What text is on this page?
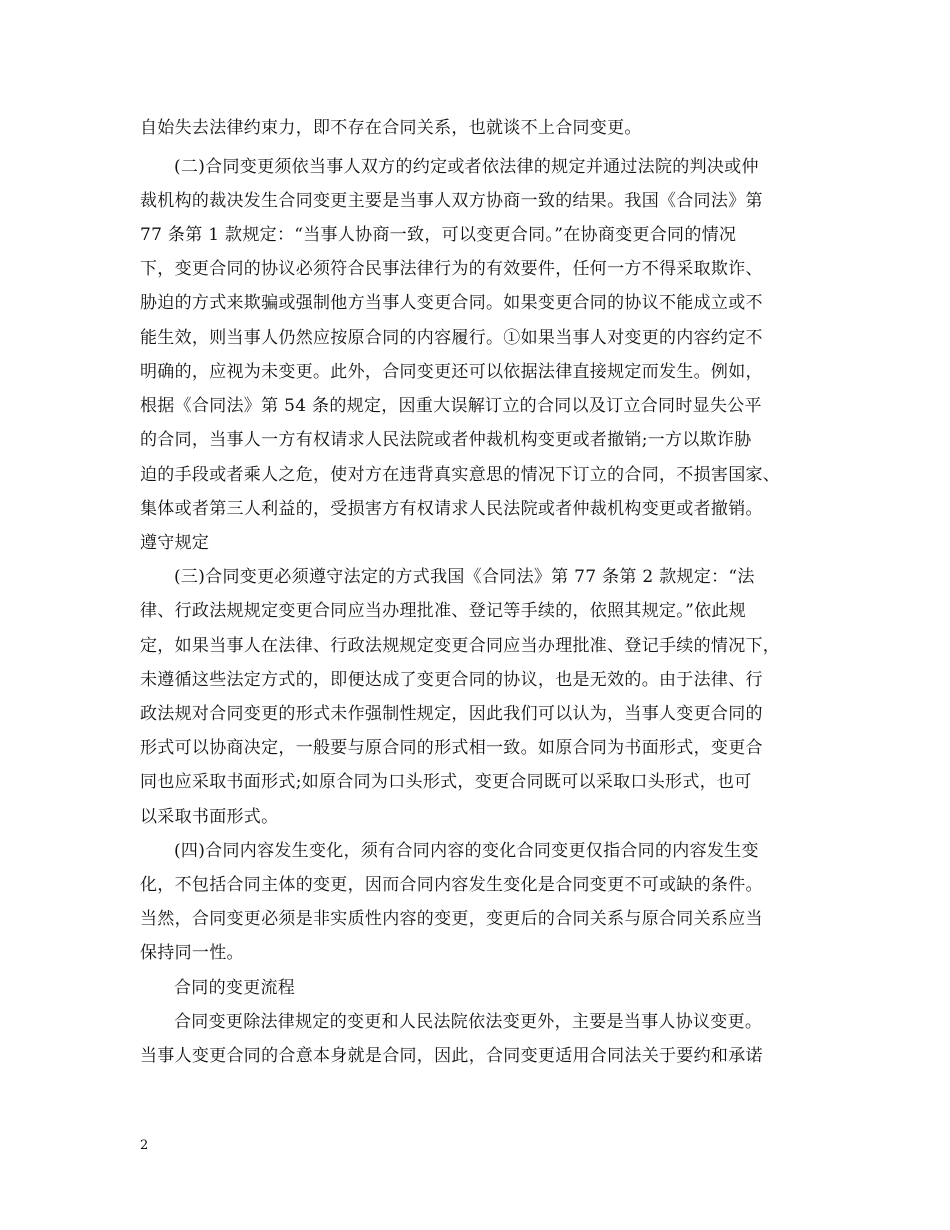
自始失去法律约束力，即不存在合同关系，也就谈不上合同变更。
(二)合同变更须依当事人双方的约定或者依法律的规定并通过法院的判决或仲
裁机构的裁决发生合同变更主要是当事人双方协商一致的结果。我国《合同法》第
77 条第 1 款规定：“当事人协商一致，可以变更合同。”在协商变更合同的情况
下，变更合同的协议必须符合民事法律行为的有效要件，任何一方不得采取欺诈、
胁迫的方式来欺骗或强制他方当事人变更合同。如果变更合同的协议不能成立或不
能生效，则当事人仍然应按原合同的内容履行。①如果当事人对变更的内容约定不
明确的，应视为未变更。此外，合同变更还可以依据法律直接规定而发生。例如，
根据《合同法》第 54 条的规定，因重大误解订立的合同以及订立合同时显失公平
的合同，当事人一方有权请求人民法院或者仲裁机构变更或者撤销;一方以欺诈胁
迫的手段或者乘人之危，使对方在违背真实意思的情况下订立的合同，不损害国家、
集体或者第三人利益的，受损害方有权请求人民法院或者仲裁机构变更或者撤销。
遵守规定
(三)合同变更必须遵守法定的方式我国《合同法》第 77 条第 2 款规定：“法
律、行政法规规定变更合同应当办理批准、登记等手续的，依照其规定。”依此规
定，如果当事人在法律、行政法规规定变更合同应当办理批准、登记手续的情况下，
未遵循这些法定方式的，即便达成了变更合同的协议，也是无效的。由于法律、行
政法规对合同变更的形式未作强制性规定，因此我们可以认为，当事人变更合同的
形式可以协商决定，一般要与原合同的形式相一致。如原合同为书面形式，变更合
同也应采取书面形式;如原合同为口头形式，变更合同既可以采取口头形式，也可
以采取书面形式。
(四)合同内容发生变化，须有合同内容的变化合同变更仅指合同的内容发生变
化，不包括合同主体的变更，因而合同内容发生变化是合同变更不可或缺的条件。
当然，合同变更必须是非实质性内容的变更，变更后的合同关系与原合同关系应当
保持同一性。
合同的变更流程
合同变更除法律规定的变更和人民法院依法变更外，主要是当事人协议变更。
当事人变更合同的合意本身就是合同，因此，合同变更适用合同法关于要约和承诺
2
